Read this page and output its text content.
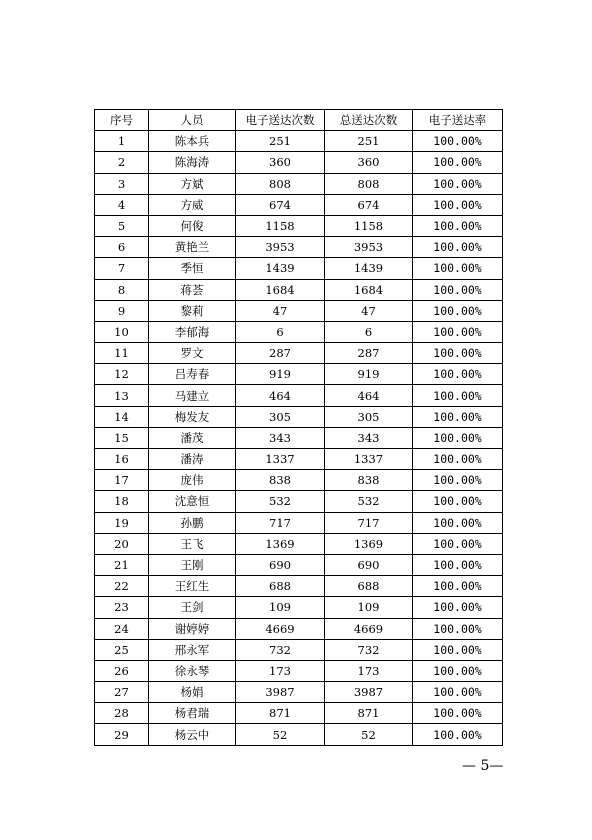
序号	人员	电子送达次数	总送达次数	电子送达率
1	陈本兵	251	251	100.00%
2	陈海涛	360	360	100.00%
3	方斌	808	808	100.00%
4	方威	674	674	100.00%
5	何俊	1158	1158	100.00%
6	黄艳兰	3953	3953	100.00%
7	季恒	1439	1439	100.00%
8	蒋荟	1684	1684	100.00%
9	黎莉	47	47	100.00%
10	李郁海	6	6	100.00%
11	罗文	287	287	100.00%
12	吕寿春	919	919	100.00%
13	马建立	464	464	100.00%
14	梅发友	305	305	100.00%
15	潘茂	343	343	100.00%
16	潘涛	1337	1337	100.00%
17	庞伟	838	838	100.00%
18	沈意恒	532	532	100.00%
19	孙鹏	717	717	100.00%
20	王飞	1369	1369	100.00%
21	王刚	690	690	100.00%
22	王红生	688	688	100.00%
23	王剑	109	109	100.00%
24	谢婷婷	4669	4669	100.00%
25	邢永军	732	732	100.00%
26	徐永琴	173	173	100.00%
27	杨娟	3987	3987	100.00%
28	杨君瑞	871	871	100.00%
29	杨云中	52	52	100.00%
— 5—
